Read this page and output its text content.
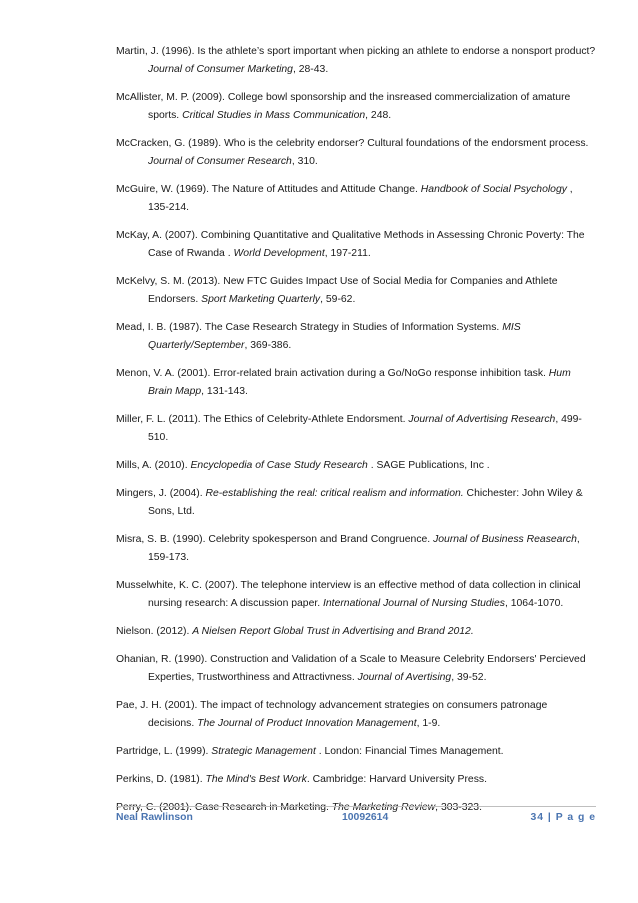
Martin, J. (1996). Is the athlete’s sport important when picking an athlete to endorse a nonsport product? Journal of Consumer Marketing, 28-43.

McAllister, M. P. (2009). College bowl sponsorship and the insreased commercialization of amature sports. Critical Studies in Mass Communication, 248.

McCracken, G. (1989). Who is the celebrity endorser? Cultural foundations of the endorsment process. Journal of Consumer Research, 310.

McGuire, W. (1969). The Nature of Attitudes and Attitude Change. Handbook of Social Psychology , 135-214.

McKay, A. (2007). Combining Quantitative and Qualitative Methods in Assessing Chronic Poverty: The Case of Rwanda . World Development, 197-211.

McKelvy, S. M. (2013). New FTC Guides Impact Use of Social Media for Companies and Athlete Endorsers. Sport Marketing Quarterly, 59-62.

Mead, I. B. (1987). The Case Research Strategy in Studies of Information Systems. MIS Quarterly/September, 369-386.

Menon, V. A. (2001). Error-related brain activation during a Go/NoGo response inhibition task. Hum Brain Mapp, 131-143.

Miller, F. L. (2011). The Ethics of Celebrity-Athlete Endorsment. Journal of Advertising Research, 499-510.

Mills, A. (2010). Encyclopedia of Case Study Research . SAGE Publications, Inc .

Mingers, J. (2004). Re-establishing the real: critical realism and information. Chichester: John Wiley & Sons, Ltd.

Misra, S. B. (1990). Celebrity spokesperson and Brand Congruence. Journal of Business Reasearch, 159-173.

Musselwhite, K. C. (2007). The telephone interview is an effective method of data collection in clinical nursing research: A discussion paper. International Journal of Nursing Studies, 1064-1070.

Nielson. (2012). A Nielsen Report Global Trust in Advertising and Brand 2012.

Ohanian, R. (1990). Construction and Validation of a Scale to Measure Celebrity Endorsers' Percieved Experties, Trustworthiness and Attractivness. Journal of Avertising, 39-52.

Pae, J. H. (2001). The impact of technology advancement strategies on consumers patronage decisions. The Journal of Product Innovation Management, 1-9.

Partridge, L. (1999). Strategic Management . London: Financial Times Management.

Perkins, D. (1981). The Mind's Best Work. Cambridge: Harvard University Press.

Perry, C. (2001). Case Research in Marketing. The Marketing Review, 303-323.

Neal Rawlinson	10092614	34 | P a g e
